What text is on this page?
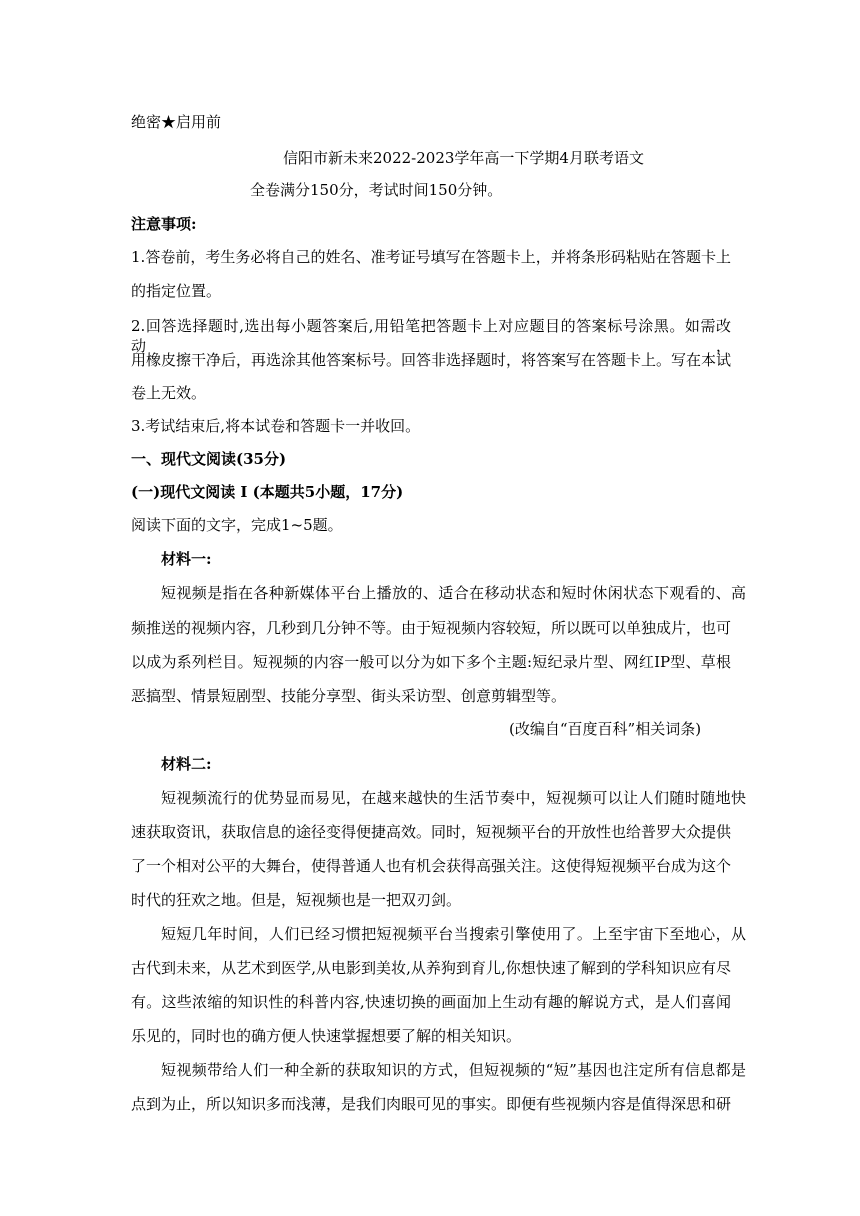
绝密★启用前
信阳市新未来2022-2023学年高一下学期4月联考语文
全卷满分150分，考试时间150分钟。
注意事项:
1.答卷前，考生务必将自己的姓名、准考证号填写在答题卡上，并将条形码粘贴在答题卡上
的指定位置。
2.回答选择题时,选出每小题答案后,用铅笔把答题卡上对应题目的答案标号涂黑。如需改动，
用橡皮擦干净后，再选涂其他答案标号。回答非选择题时，将答案写在答题卡上。写在本试
卷上无效。
3.考试结束后,将本试卷和答题卡一并收回。
一、现代文阅读(35分)
(一)现代文阅读 I (本题共5小题，17分)
阅读下面的文字，完成1~5题。
材料一:
短视频是指在各种新媒体平台上播放的、适合在移动状态和短时休闲状态下观看的、高
频推送的视频内容，几秒到几分钟不等。由于短视频内容较短，所以既可以单独成片，也可
以成为系列栏目。短视频的内容一般可以分为如下多个主题:短纪录片型、网红IP型、草根
恶搞型、情景短剧型、技能分享型、街头采访型、创意剪辑型等。
(改编自“百度百科”相关词条)
材料二:
短视频流行的优势显而易见，在越来越快的生活节奏中，短视频可以让人们随时随地快
速获取资讯，获取信息的途径变得便捷高效。同时，短视频平台的开放性也给普罗大众提供
了一个相对公平的大舞台，使得普通人也有机会获得高强关注。这使得短视频平台成为这个
时代的狂欢之地。但是，短视频也是一把双刃剑。
短短几年时间，人们已经习惯把短视频平台当搜索引擎使用了。上至宇宙下至地心，从
古代到未来，从艺术到医学,从电影到美妆,从养狗到育儿,你想快速了解到的学科知识应有尽
有。这些浓缩的知识性的科普内容,快速切换的画面加上生动有趣的解说方式，是人们喜闻
乐见的，同时也的确方便人快速掌握想要了解的相关知识。
短视频带给人们一种全新的获取知识的方式，但短视频的“短”基因也注定所有信息都是
点到为止，所以知识多而浅薄，是我们肉眼可见的事实。即便有些视频内容是值得深思和研
